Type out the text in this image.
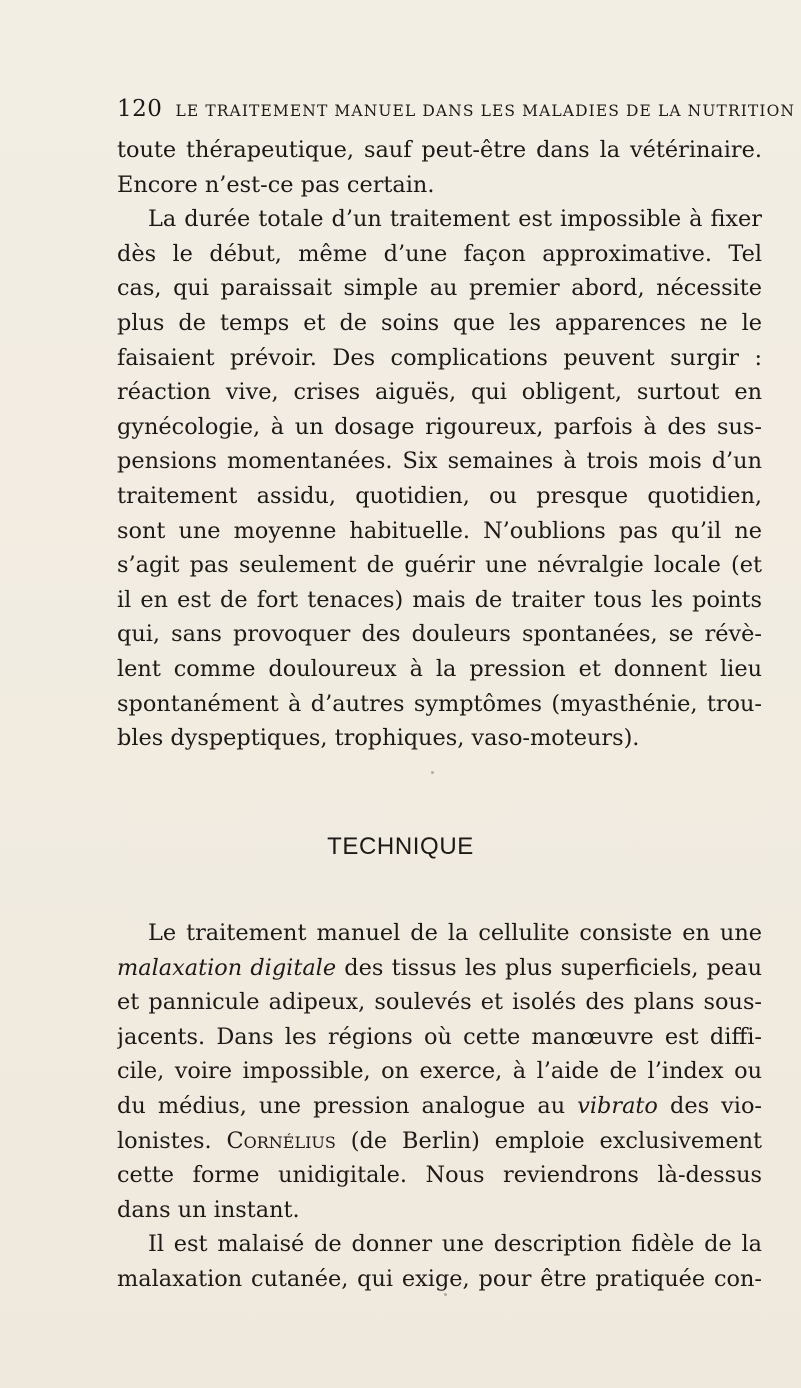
120 LE TRAITEMENT MANUEL DANS LES MALADIES DE LA NUTRITION
toute thérapeutique, sauf peut-être dans la vétérinaire.
Encore n’est-ce pas certain.
La durée totale d’un traitement est impossible à fixer
dès le début, même d’une façon approximative. Tel
cas, qui paraissait simple au premier abord, nécessite
plus de temps et de soins que les apparences ne le
faisaient prévoir. Des complications peuvent surgir :
réaction vive, crises aiguës, qui obligent, surtout en
gynécologie, à un dosage rigoureux, parfois à des sus-
pensions momentanées. Six semaines à trois mois d’un
traitement assidu, quotidien, ou presque quotidien,
sont une moyenne habituelle. N’oublions pas qu’il ne
s’agit pas seulement de guérir une névralgie locale (et
il en est de fort tenaces) mais de traiter tous les points
qui, sans provoquer des douleurs spontanées, se révè-
lent comme douloureux à la pression et donnent lieu
spontanément à d’autres symptômes (myasthénie, trou-
bles dyspeptiques, trophiques, vaso-moteurs).
TECHNIQUE
Le traitement manuel de la cellulite consiste en une
malaxation digitale des tissus les plus superficiels, peau
et pannicule adipeux, soulevés et isolés des plans sous-
jacents. Dans les régions où cette manœuvre est diffi-
cile, voire impossible, on exerce, à l’aide de l’index ou
du médius, une pression analogue au vibrato des vio-
lonistes. Cornélius (de Berlin) emploie exclusivement
cette forme unidigitale. Nous reviendrons là-dessus
dans un instant.
Il est malaisé de donner une description fidèle de la
malaxation cutanée, qui exige, pour être pratiquée con-
